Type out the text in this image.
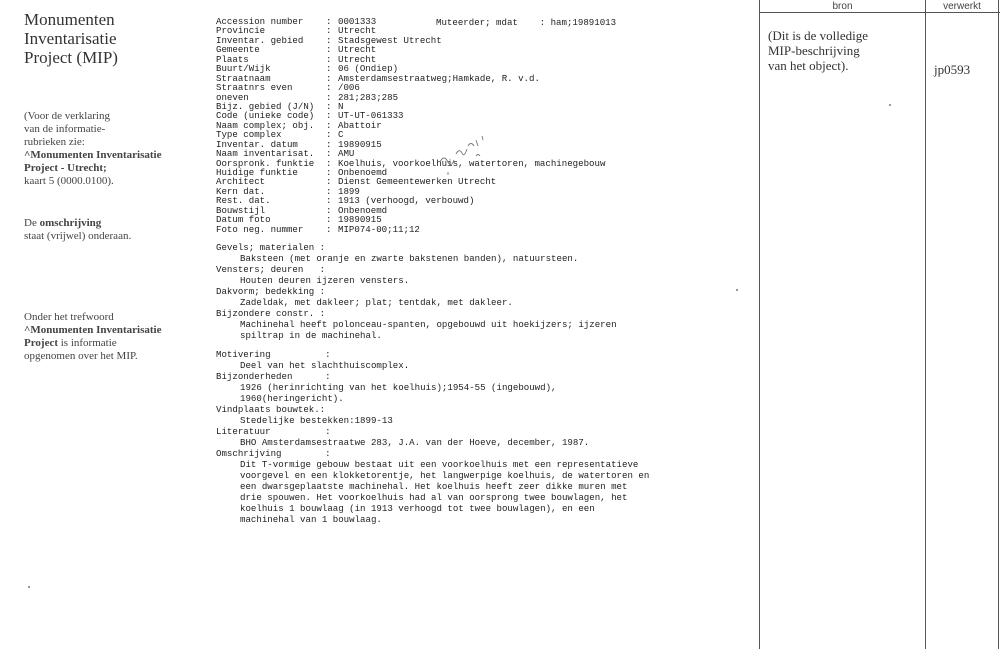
Monumenten
Inventarisatie
Project (MIP)
(Voor de verklaring
van de informatie-
rubrieken zie:
^Monumenten Inventarisatie
Project - Utrecht;
kaart 5 (0000.0100).
De omschrijving
staat (vrijwel) onderaan.
Onder het trefwoord
^Monumenten Inventarisatie
Project is informatie
opgenomen over het MIP.
Muteerder; mdat    : ham;19891013
Accession number : 0001333
Provincie	: Utrecht
Inventar. gebied : Stadsgewest Utrecht
Gemeente	: Utrecht
Plaats	: Utrecht
Buurt/Wijk	: 06 (Ondiep)
Straatnaam	: Amsterdamsestraatweg;Hamkade, R. v.d.
Straatnrs even	: /006
oneven	: 281;283;285
Bijz. gebied (J/N) : N
Code (unieke code) : UT-UT-061333
Naam complex; obj. : Abattoir
Type complex	: C
Inventar. datum	: 19890915
Naam inventarisat. : AMU
Oorspronk. funktie : Koelhuis, voorkoelhuis, watertoren, machinegebouw
Huidige funktie	: Onbenoemd
Architect	: Dienst Gemeentewerken Utrecht
Kern dat.	: 1899
Rest. dat.	: 1913 (verhoogd, verbouwd)
Bouwstijl	: Onbenoemd
Datum foto	: 19890915
Foto neg. nummer : MIP074-00;11;12
Gevels; materialen :
Baksteen (met oranje en zwarte bakstenen banden), natuursteen.
Vensters; deuren   :
Houten deuren ijzeren vensters.
Dakvorm; bedekking :
Zadeldak, met dakleer; plat; tentdak, met dakleer.
Bijzondere constr. :
Machinehal heeft polonceau-spanten, opgebouwd uit hoekijzers; ijzeren
spiltrap in de machinehal.
Motivering          :
Deel van het slachthuiscomplex.
Bijzonderheden      :
1926 (herinrichting van het koelhuis);1954-55 (ingebouwd),
1960(heringericht).
Vindplaats bouwtek.:
Stedelijke bestekken:1899-13
Literatuur          :
BHO Amsterdamsestraatwe 283, J.A. van der Hoeve, december, 1987.
Omschrijving        :
Dit T-vormige gebouw bestaat uit een voorkoelhuis met een representatieve
voorgevel en een klokketorentje, het langwerpige koelhuis, de watertoren en
een dwarsgeplaatste machinehal. Het koelhuis heeft zeer dikke muren met
drie spouwen. Het voorkoelhuis had al van oorsprong twee bouwlagen, het
koelhuis 1 bouwlaag (in 1913 verhoogd tot twee bouwlagen), en een
machinehal van 1 bouwlaag.
bron	verwerkt
(Dit is de volledige
MIP-beschrijving
van het object).	jp0593
